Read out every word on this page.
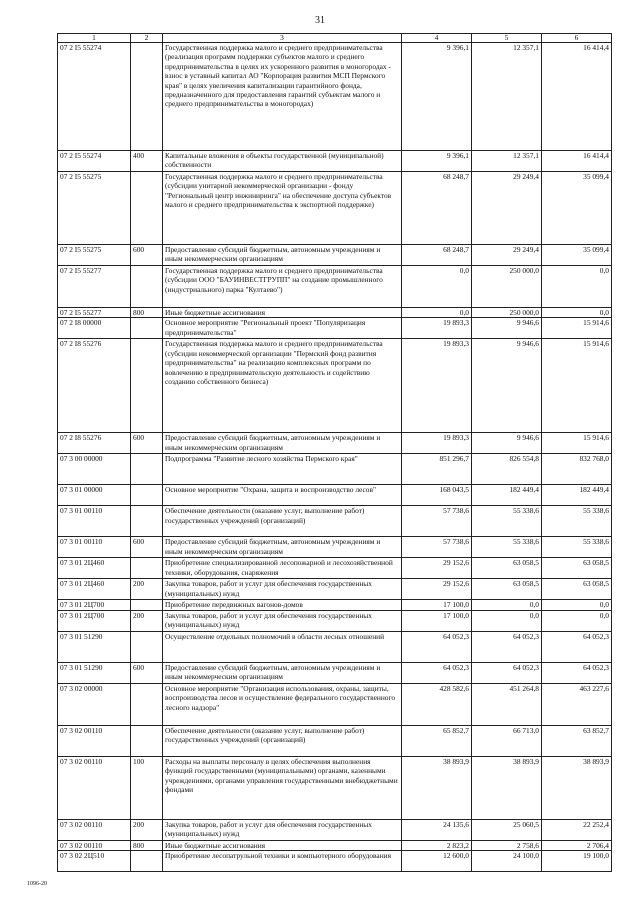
31
1	2	3	4	5	6
07 2 I5 55274		Государственная поддержка малого и среднего предпринимательства (реализация программ поддержки субъектов малого и среднего предпринимательства в целях их ускоренного развития в моногородах - взнос в уставный капитал АО "Корпорация развития МСП Пермского края" в целях увеличения капитализации гарантийного фонда, предназначенного для предоставления гарантий субъектам малого и среднего предпринимательства в моногородах)	9 396,1	12 357,1	16 414,4
07 2 I5 55274	400	Капитальные вложения в объекты государственной (муниципальной) собственности	9 396,1	12 357,1	16 414,4
07 2 I5 55275		Государственная поддержка малого и среднего предпринимательства (субсидии унитарной некоммерческой организации - фонду "Региональный центр инжиниринга" на обеспечение доступа субъектов малого и среднего предпринимательства к экспортной поддержке)	68 248,7	29 249,4	35 099,4
07 2 I5 55275	600	Предоставление субсидий бюджетным, автономным учреждениям и иным некоммерческим организациям	68 248,7	29 249,4	35 099,4
07 2 I5 55277		Государственная поддержка малого и среднего предпринимательства (субсидии ООО "БАУИНВЕСТГРУПП" на создание промышленного (индустриального) парка "Култаево")	0,0	250 000,0	0,0
07 2 I5 55277	800	Иные бюджетные ассигнования	0,0	250 000,0	0,0
07 2 I8 00000		Основное мероприятие "Региональный проект "Популяризация предпринимательства"	19 893,3	9 946,6	15 914,6
07 2 I8 55276		Государственная поддержка малого и среднего предпринимательства (субсидии некоммерческой организации "Пермский фонд развития предпринимательства" на реализацию комплексных программ по вовлечению в предпринимательскую деятельность и содействию созданию собственного бизнеса)	19 893,3	9 946,6	15 914,6
07 2 I8 55276	600	Предоставление субсидий бюджетным, автономным учреждениям и иным некоммерческим организациям	19 893,3	9 946,6	15 914,6
07 3 00 00000		Подпрограмма "Развитие лесного хозяйства Пермского края"	851 296,7	826 554,8	832 768,0
07 3 01 00000		Основное мероприятие "Охрана, защита и воспроизводство лесов"	168 043,5	182 449,4	182 449,4
07 3 01 00110		Обеспечение деятельности (оказание услуг, выполнение работ) государственных учреждений (организаций)	57 738,6	55 338,6	55 338,6
07 3 01 00110	600	Предоставление субсидий бюджетным, автономным учреждениям и иным некоммерческим организациям	57 738,6	55 338,6	55 338,6
07 3 01 2Ц460		Приобретение специализированной лесопожарной и лесохозяйственной техники, оборудования, снаряжения	29 152,6	63 058,5	63 058,5
07 3 01 2Ц460	200	Закупка товаров, работ и услуг для обеспечения государственных (муниципальных) нужд	29 152,6	63 058,5	63 058,5
07 3 01 2Ц700		Приобретение передвижных вагонов-домов	17 100,0	0,0	0,0
07 3 01 2Ц700	200	Закупка товаров, работ и услуг для обеспечения государственных (муниципальных) нужд	17 100,0	0,0	0,0
07 3 01 51290		Осуществление отдельных полномочий в области лесных отношений	64 052,3	64 052,3	64 052,3
07 3 01 51290	600	Предоставление субсидий бюджетным, автономным учреждениям и иным некоммерческим организациям	64 052,3	64 052,3	64 052,3
07 3 02 00000		Основное мероприятие "Организация использования, охраны, защиты, воспроизводства лесов и осуществление федерального государственного лесного надзора"	428 582,6	451 264,8	463 227,6
07 3 02 00110		Обеспечение деятельности (оказание услуг, выполнение работ) государственных учреждений (организаций)	65 852,7	66 713,0	63 852,7
07 3 02 00110	100	Расходы на выплаты персоналу в целях обеспечения выполнения функций государственными (муниципальными) органами, казенными учреждениями, органами управления государственными внебюджетными фондами	38 893,9	38 893,9	38 893,9
07 3 02 00110	200	Закупка товаров, работ и услуг для обеспечения государственных (муниципальных) нужд	24 135,6	25 060,5	22 252,4
07 3 02 00110	800	Иные бюджетные ассигнования	2 823,2	2 758,6	2 706,4
07 3 02 2Ц510		Приобретение лесопатрульной техники и компьютерного оборудования	12 600,0	24 100,0	19 100,0
1096-20
